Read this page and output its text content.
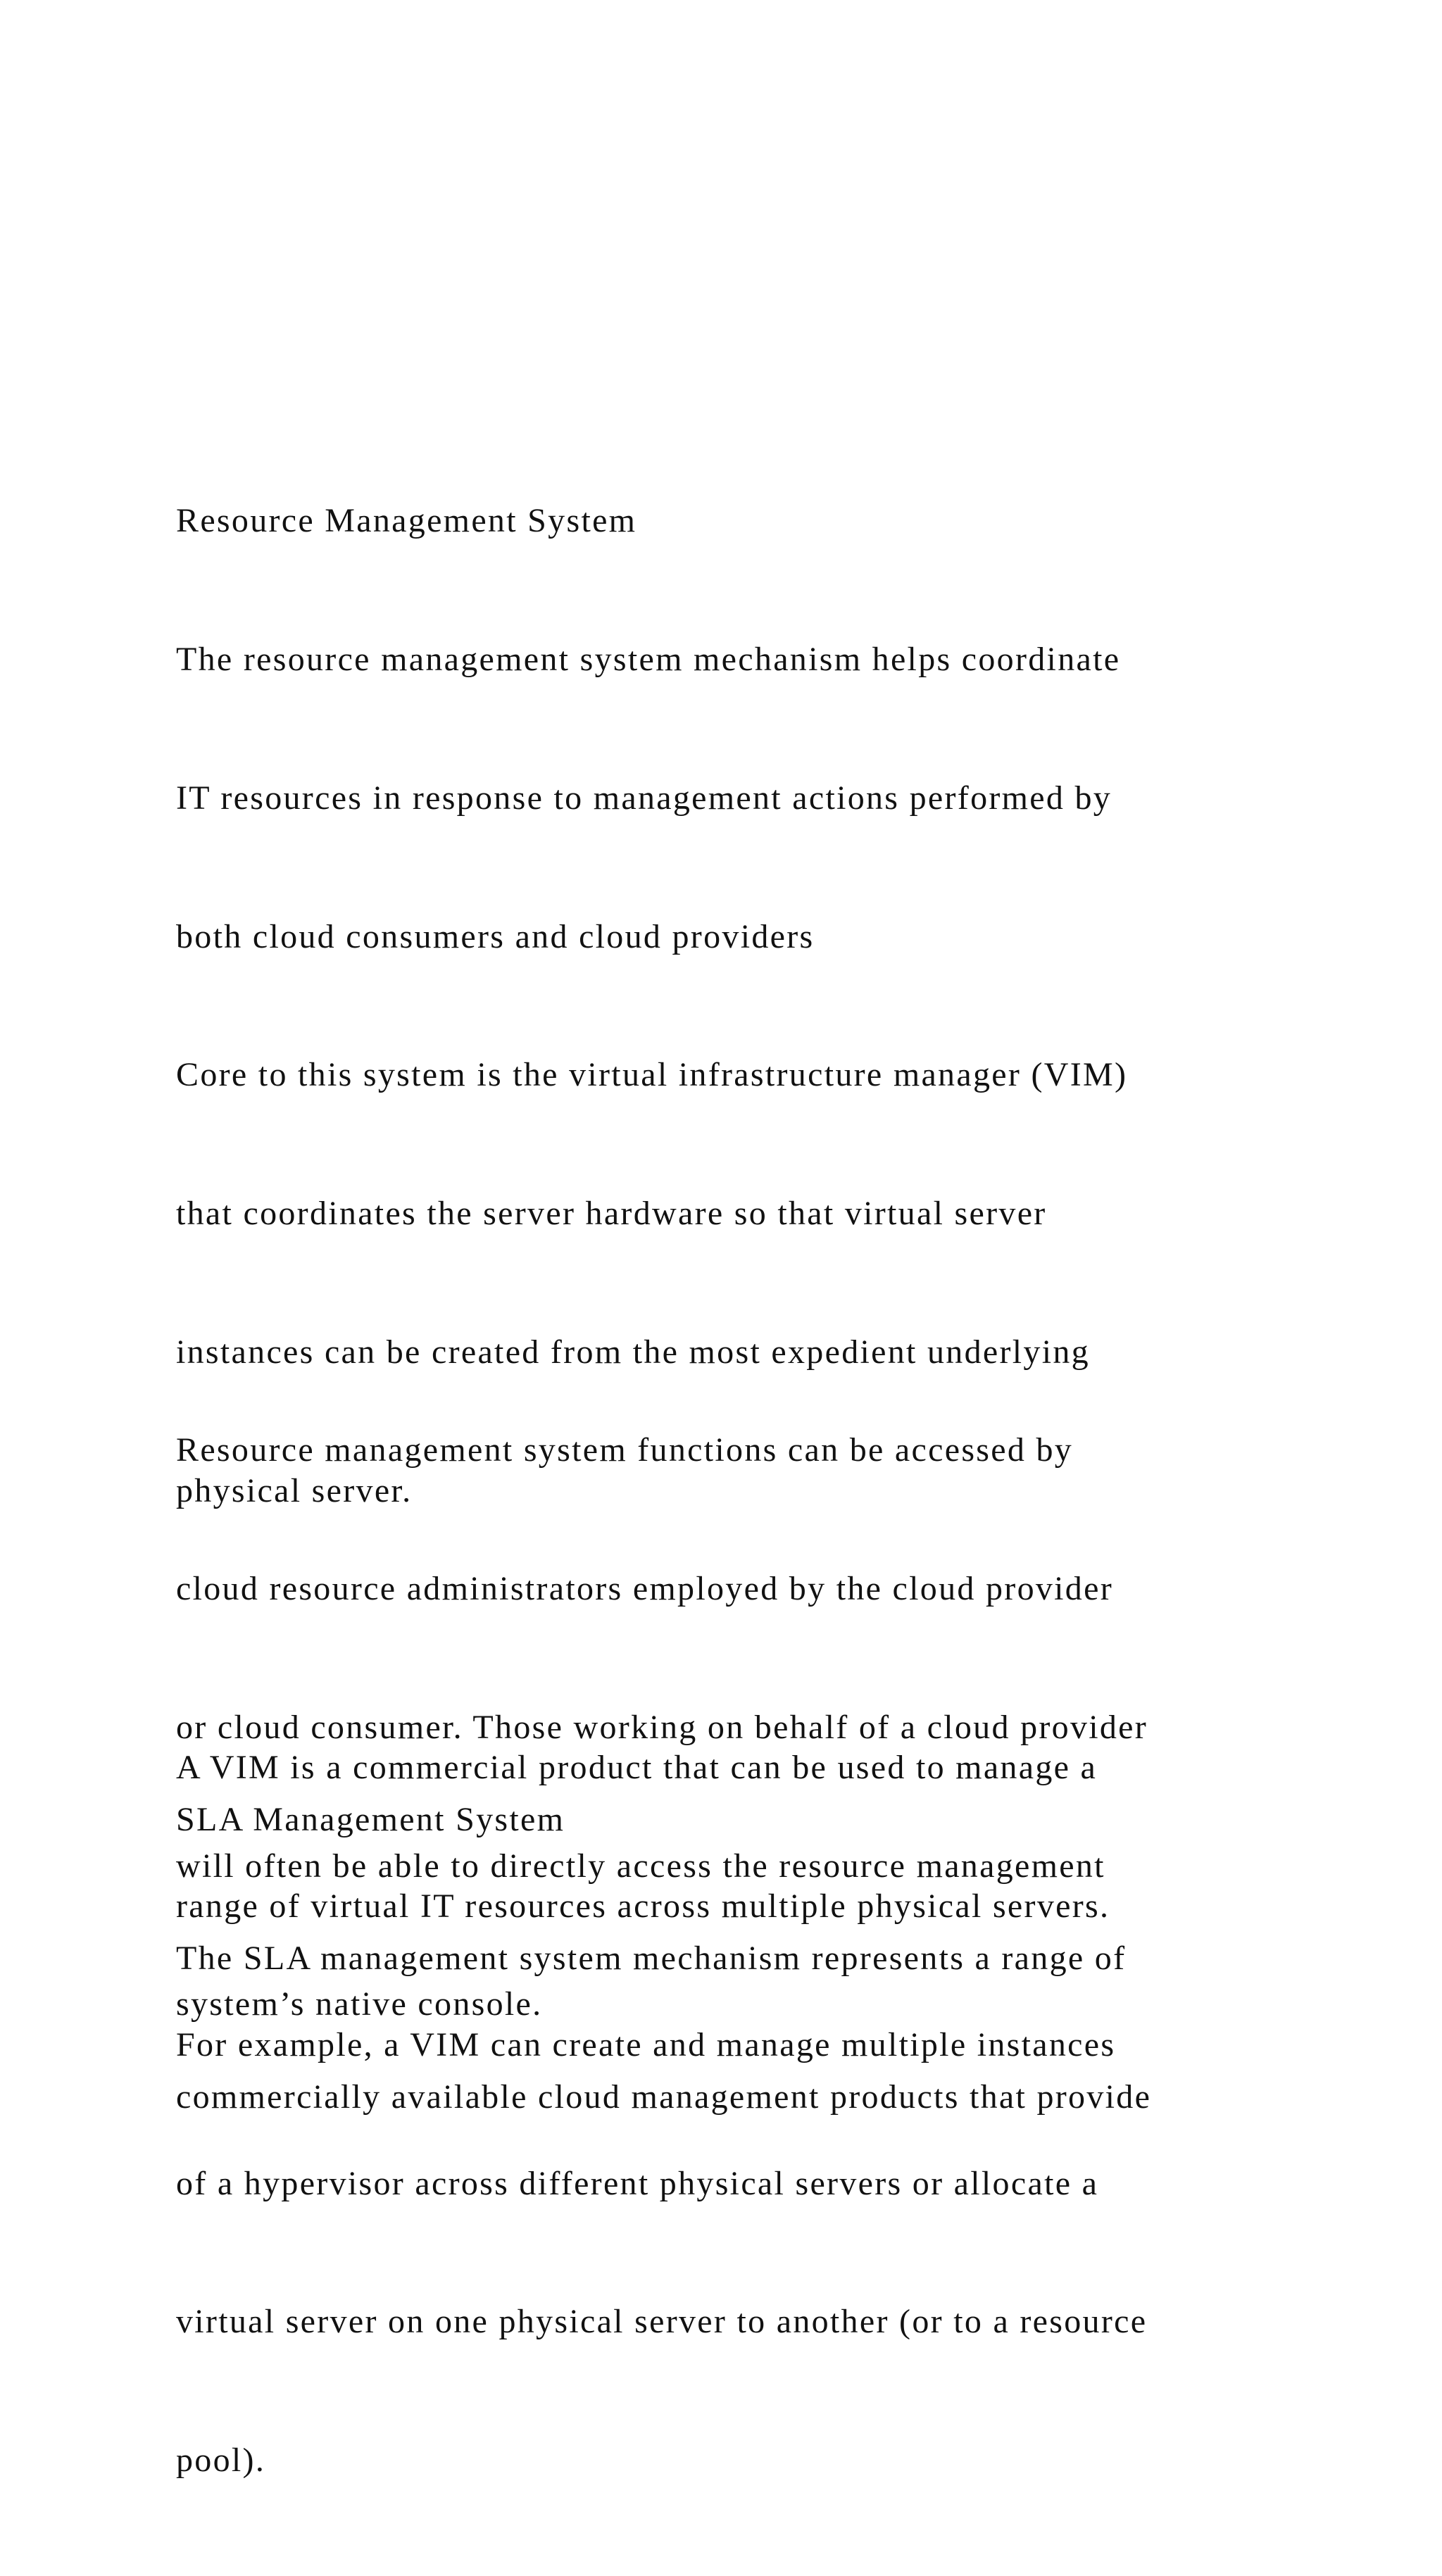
Resource Management System

The resource management system mechanism helps coordinate

IT resources in response to management actions performed by

both cloud consumers and cloud providers

Core to this system is the virtual infrastructure manager (VIM)

that coordinates the server hardware so that virtual server

instances can be created from the most expedient underlying

physical server.

A VIM is a commercial product that can be used to manage a

range of virtual IT resources across multiple physical servers.

For example, a VIM can create and manage multiple instances

of a hypervisor across different physical servers or allocate a

virtual server on one physical server to another (or to a resource

pool).

Resource management system functions can be accessed by

cloud resource administrators employed by the cloud provider

or cloud consumer. Those working on behalf of a cloud provider

will often be able to directly access the resource management

system’s native console.

SLA Management System

The SLA management system mechanism represents a range of

commercially available cloud management products that provide
